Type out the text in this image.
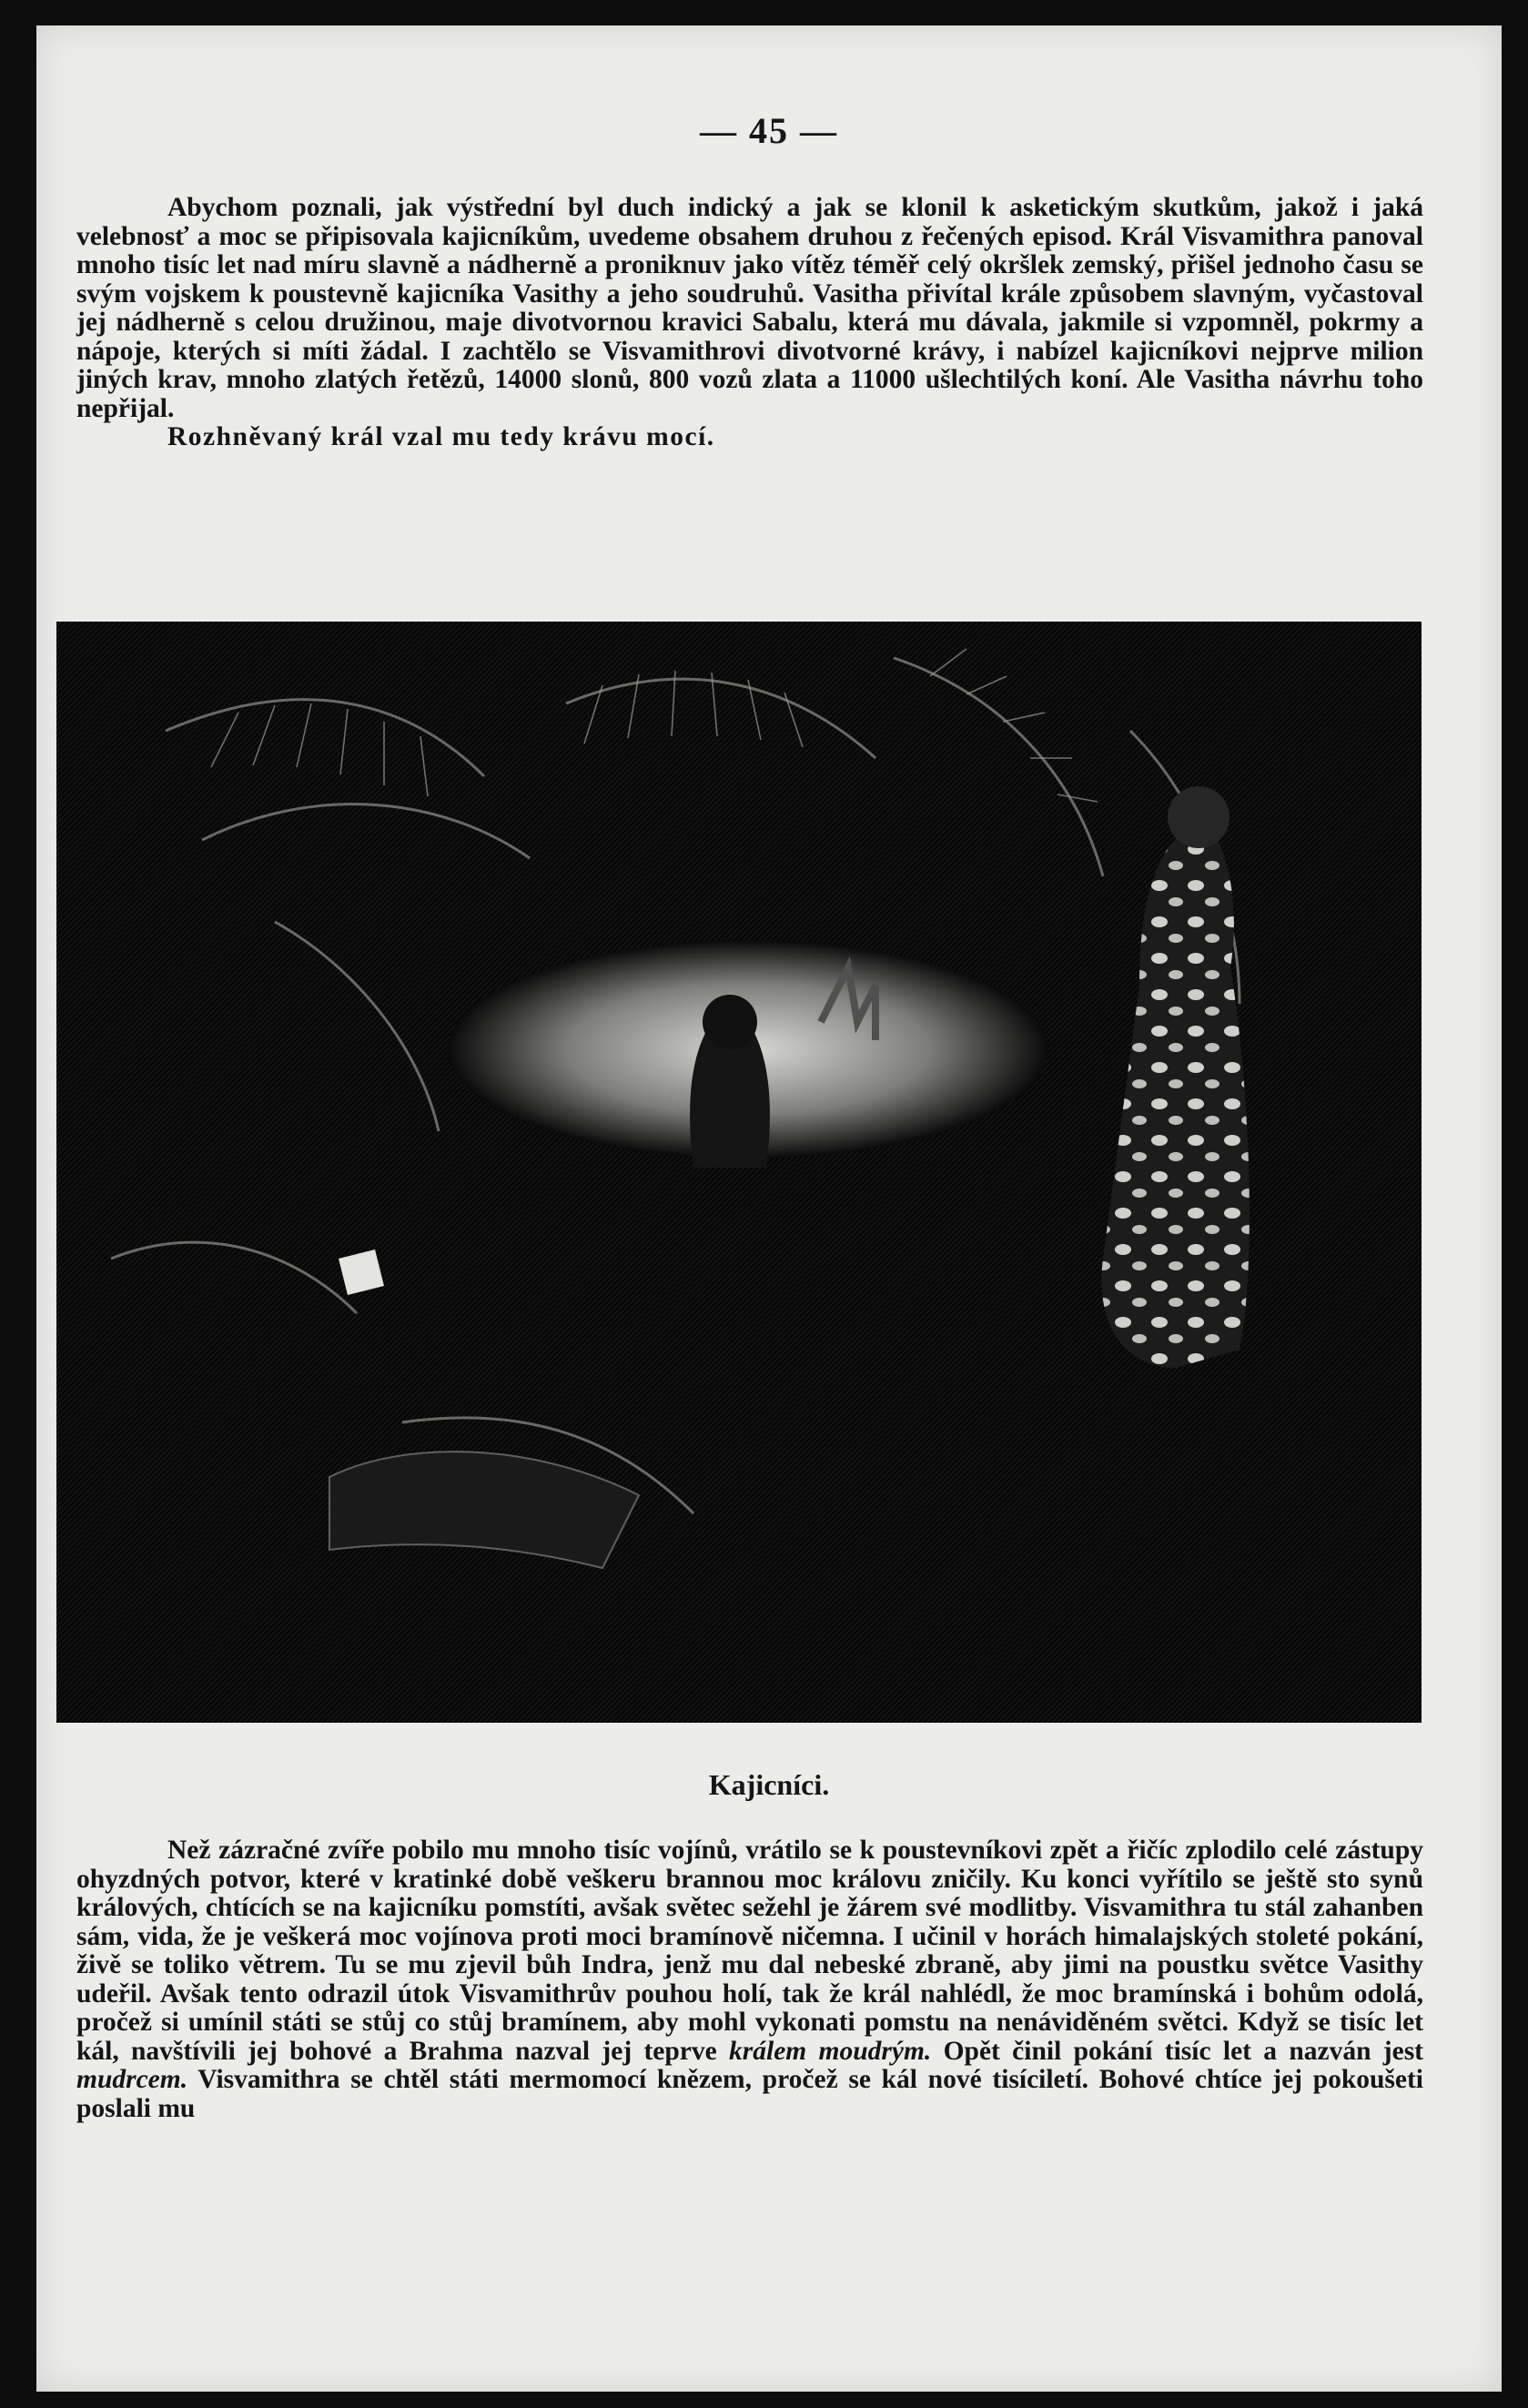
— 45 —

Abychom poznali, jak výstřední byl duch indický a jak se klonil k asketickým skutkům, jakož i jaká velebnosť a moc se připisovala kajicníkům, uvedeme obsahem druhou z řečených episod. Král Visvamithra panoval mnoho tisíc let nad míru slavně a nádherně a proniknuv jako vítěz téměř celý okršlek zemský, přišel jednoho času se svým vojskem k poustevně kajicníka Vasithy a jeho soudruhů. Vasitha přivítal krále způsobem slavným, vyčastoval jej nádherně s celou družinou, maje divotvornou kravici Sabalu, která mu dávala, jakmile si vzpomněl, pokrmy a nápoje, kterých si míti žádal. I zachtělo se Visvamithrovi divotvorné krávy, i nabízel kajicníkovi nejprve milion jiných krav, mnoho zlatých řetězů, 14000 slonů, 800 vozů zlata a 11000 ušlechtilých koní. Ale Vasitha návrhu toho nepřijal.

Rozhněvaný král vzal mu tedy krávu mocí.

Kajicníci.

Než zázračné zvíře pobilo mu mnoho tisíc vojínů, vrátilo se k poustevníkovi zpět a řičíc zplodilo celé zástupy ohyzdných potvor, které v kratinké době veškeru brannou moc královu zničily. Ku konci vyřítilo se ještě sto synů králových, chtících se na kajicníku pomstíti, avšak světec sežehl je žárem své modlitby. Visvamithra tu stál zahanben sám, vida, že je veškerá moc vojínova proti moci bramínově ničemna. I učinil v horách himalajských stoleté pokání, živě se toliko větrem. Tu se mu zjevil bůh Indra, jenž mu dal nebeské zbraně, aby jimi na poustku světce Vasithy udeřil. Avšak tento odrazil útok Visvamithrův pouhou holí, tak že král nahlédl, že moc bramínská i bohům odolá, pročež si umínil státi se stůj co stůj bramínem, aby mohl vykonati pomstu na nenáviděném světci. Když se tisíc let kál, navštívili jej bohové a Brahma nazval jej teprve králem moudrým. Opět činil pokání tisíc let a nazván jest mudrcem. Visvamithra se chtěl státi mermomocí knězem, pročež se kál nové tisíciletí. Bohové chtíce jej pokoušeti poslali mu
